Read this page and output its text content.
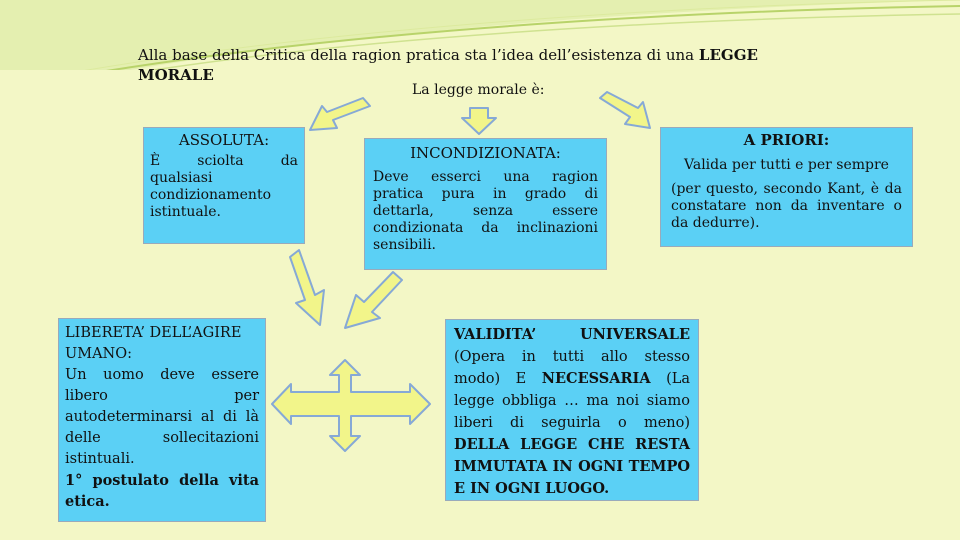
Alla base della Critica della ragion pratica sta l’idea dell’esistenza di una LEGGE MORALE
La legge morale è:
ASSOLUTA:
È sciolta da qualsiasi condizionamento istintuale.
INCONDIZIONATA:
Deve esserci una ragion pratica pura in grado di dettarla, senza essere condizionata da inclinazioni sensibili.
A PRIORI:
Valida per tutti e per sempre
(per questo, secondo Kant, è da constatare non da inventare o da dedurre).
LIBERETA’ DELL’AGIRE UMANO:
Un uomo deve essere libero per autodeterminarsi al di là delle sollecitazioni istintuali.
1° postulato della vita etica.
VALIDITA’ UNIVERSALE (Opera in tutti allo stesso modo) E NECESSARIA (La legge obbliga … ma noi siamo liberi di seguirla o meno) DELLA LEGGE CHE RESTA IMMUTATA IN OGNI TEMPO E IN OGNI LUOGO.
